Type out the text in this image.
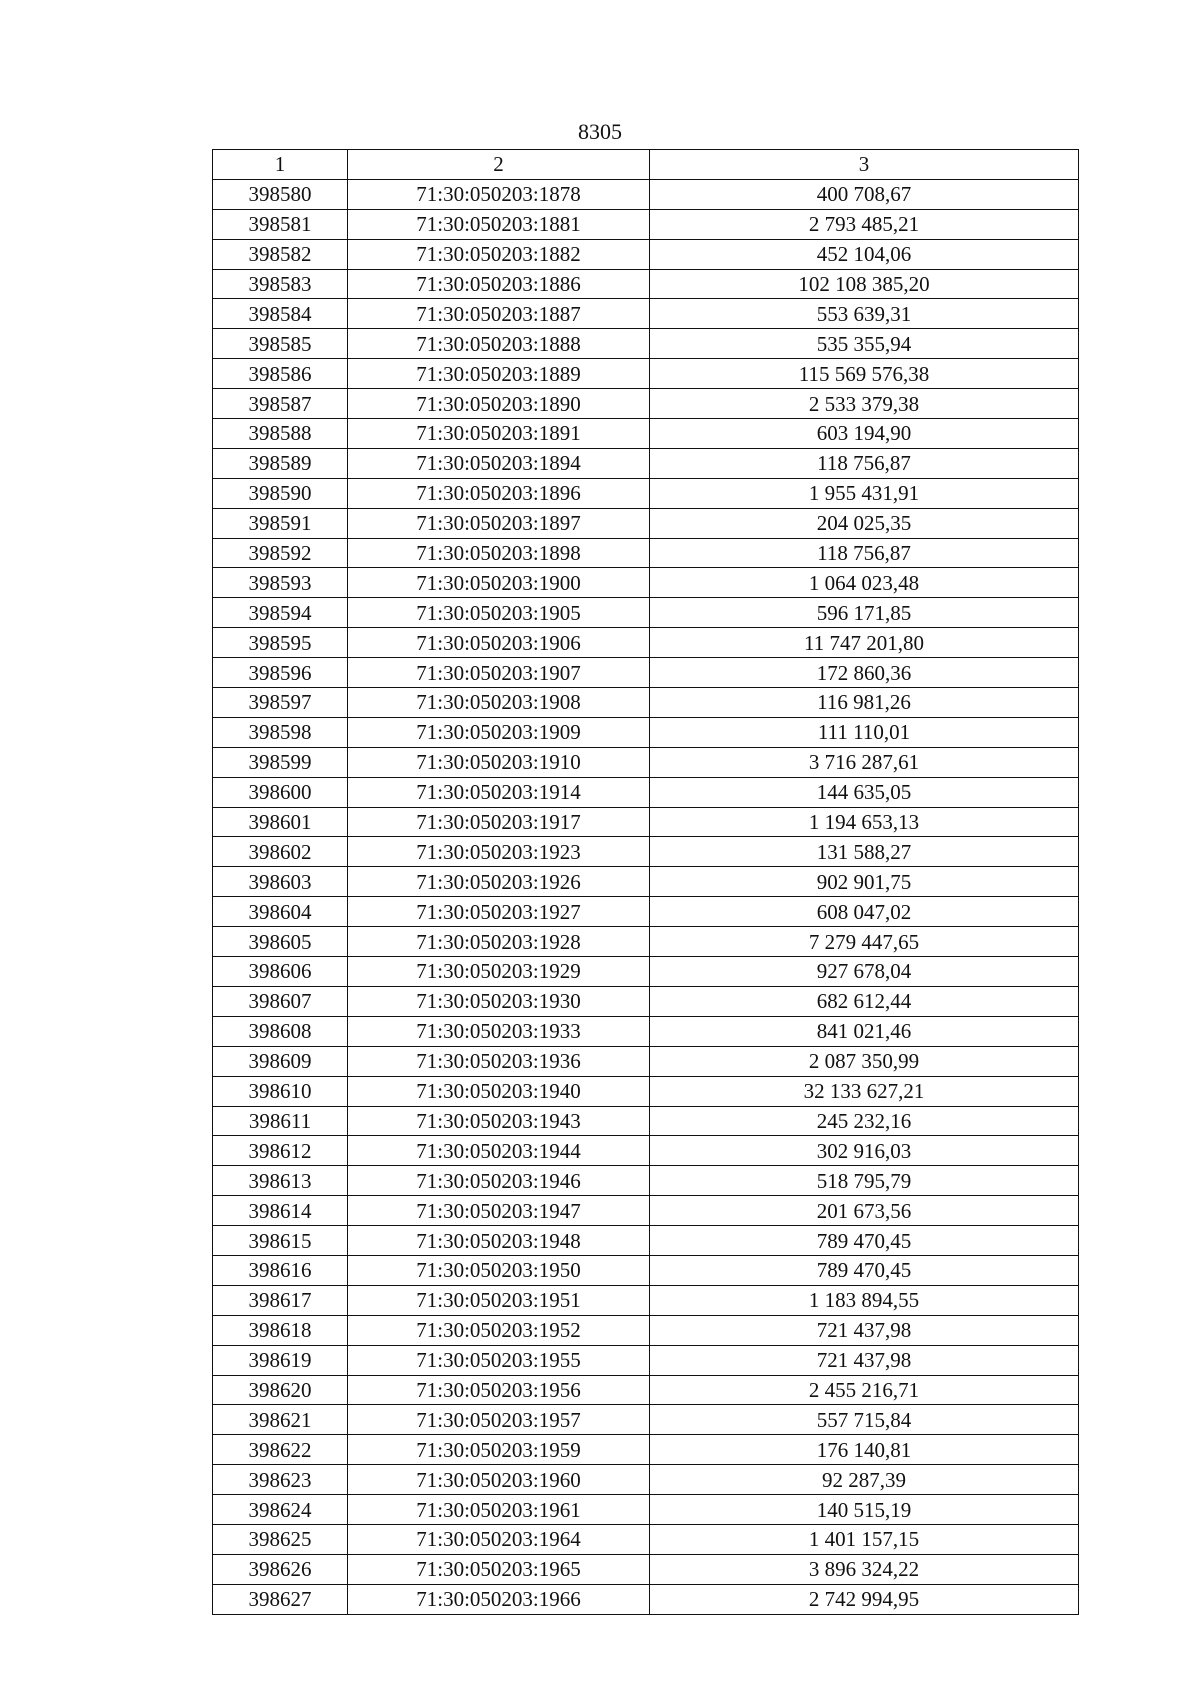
8305
1	2	3
398580	71:30:050203:1878	400 708,67
398581	71:30:050203:1881	2 793 485,21
398582	71:30:050203:1882	452 104,06
398583	71:30:050203:1886	102 108 385,20
398584	71:30:050203:1887	553 639,31
398585	71:30:050203:1888	535 355,94
398586	71:30:050203:1889	115 569 576,38
398587	71:30:050203:1890	2 533 379,38
398588	71:30:050203:1891	603 194,90
398589	71:30:050203:1894	118 756,87
398590	71:30:050203:1896	1 955 431,91
398591	71:30:050203:1897	204 025,35
398592	71:30:050203:1898	118 756,87
398593	71:30:050203:1900	1 064 023,48
398594	71:30:050203:1905	596 171,85
398595	71:30:050203:1906	11 747 201,80
398596	71:30:050203:1907	172 860,36
398597	71:30:050203:1908	116 981,26
398598	71:30:050203:1909	111 110,01
398599	71:30:050203:1910	3 716 287,61
398600	71:30:050203:1914	144 635,05
398601	71:30:050203:1917	1 194 653,13
398602	71:30:050203:1923	131 588,27
398603	71:30:050203:1926	902 901,75
398604	71:30:050203:1927	608 047,02
398605	71:30:050203:1928	7 279 447,65
398606	71:30:050203:1929	927 678,04
398607	71:30:050203:1930	682 612,44
398608	71:30:050203:1933	841 021,46
398609	71:30:050203:1936	2 087 350,99
398610	71:30:050203:1940	32 133 627,21
398611	71:30:050203:1943	245 232,16
398612	71:30:050203:1944	302 916,03
398613	71:30:050203:1946	518 795,79
398614	71:30:050203:1947	201 673,56
398615	71:30:050203:1948	789 470,45
398616	71:30:050203:1950	789 470,45
398617	71:30:050203:1951	1 183 894,55
398618	71:30:050203:1952	721 437,98
398619	71:30:050203:1955	721 437,98
398620	71:30:050203:1956	2 455 216,71
398621	71:30:050203:1957	557 715,84
398622	71:30:050203:1959	176 140,81
398623	71:30:050203:1960	92 287,39
398624	71:30:050203:1961	140 515,19
398625	71:30:050203:1964	1 401 157,15
398626	71:30:050203:1965	3 896 324,22
398627	71:30:050203:1966	2 742 994,95
